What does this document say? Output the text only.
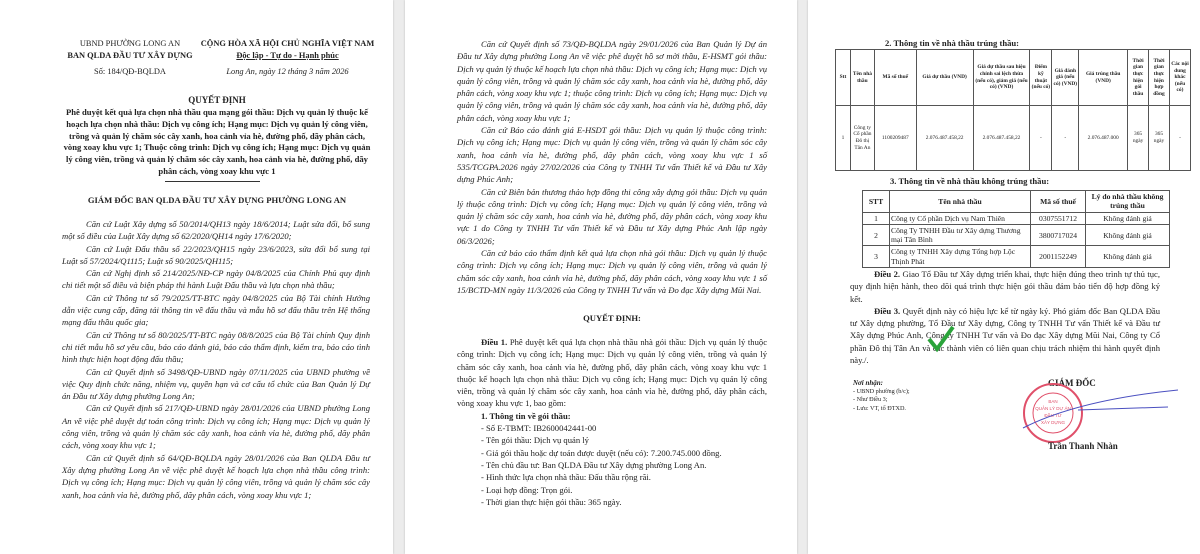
UBND PHƯỜNG LONG AN
BAN QLDA ĐẦU TƯ XÂY DỰNG
Số: 184/QĐ-BQLDA
CỘNG HÒA XÃ HỘI CHỦ NGHĨA VIỆT NAM
Độc lập - Tự do - Hạnh phúc
Long An, ngày 12 tháng 3 năm 2026
QUYẾT ĐỊNH
Phê duyệt kết quả lựa chọn nhà thầu qua mạng gói thầu: Dịch vụ quản lý thuộc kế hoạch lựa chọn nhà thầu: Dịch vụ công ích; Hạng mục: Dịch vụ quản lý công viên, trồng và quản lý chăm sóc cây xanh, hoa cảnh vỉa hè, đường phố, dãy phân cách, vòng xoay khu vực 1; Thuộc công trình: Dịch vụ công ích; Hạng mục: Dịch vụ quản lý công viên, trồng và quản lý chăm sóc cây xanh, hoa cảnh vỉa hè, đường phố, dãy phân cách, vòng xoay khu vực 1
GIÁM ĐỐC BAN QLDA ĐẦU TƯ XÂY DỰNG PHƯỜNG LONG AN

Căn cứ Luật Xây dựng số 50/2014/QH13 ngày 18/6/2014; Luật sửa đổi, bổ sung một số điều của Luật Xây dựng số 62/2020/QH14 ngày 17/6/2020;

Căn cứ Luật Đấu thầu số 22/2023/QH15 ngày 23/6/2023, sửa đổi bổ sung tại Luật số 57/2024/Q1115; Luật số 90/2025/QH115;

Căn cứ Nghị định số 214/2025/NĐ-CP ngày 04/8/2025 của Chính Phủ quy định chi tiết một số điều và biện pháp thi hành Luật Đấu thầu và lựa chọn nhà thầu;

Căn cứ Thông tư số 79/2025/TT-BTC ngày 04/8/2025 của Bộ Tài chính Hướng dẫn việc cung cấp, đăng tải thông tin về đấu thầu và mẫu hồ sơ đấu thầu trên Hệ thống mạng đấu thầu quốc gia;

Căn cứ Thông tư số 80/2025/TT-BTC ngày 08/8/2025 của Bộ Tài chính Quy định chi tiết mẫu hồ sơ yêu cầu, báo cáo đánh giá, báo cáo thẩm định, kiểm tra, báo cáo tình hình thực hiện hoạt động đấu thầu;

Căn cứ Quyết định số 3498/QĐ-UBND ngày 07/11/2025 của UBND phường về việc Quy định chức năng, nhiệm vụ, quyền hạn và cơ cấu tổ chức của Ban Quản lý Dự án Đầu tư Xây dựng phường Long An;

Căn cứ Quyết định số 217/QĐ-UBND ngày 28/01/2026 của UBND phường Long An về việc phê duyệt dự toán công trình: Dịch vụ công ích; Hạng mục: Dịch vụ quản lý công viên, trồng và quản lý chăm sóc cây xanh, hoa cảnh vỉa hè, đường phố, dãy phân cách, vòng xoay khu vực 1;

Căn cứ Quyết định số 64/QĐ-BQLDA ngày 28/01/2026 của Ban QLDA Đầu tư Xây dựng phường Long An về việc phê duyệt kế hoạch lựa chọn nhà thầu công trình: Dịch vụ công ích; Hạng mục: Dịch vụ quản lý công viên, trồng và quản lý chăm sóc cây xanh, hoa cảnh vỉa hè, đường phố, dãy phân cách, vòng xoay khu vực 1;

Căn cứ Quyết định số 73/QĐ-BQLDA ngày 29/01/2026 của Ban Quản lý Dự án Đầu tư Xây dựng phường Long An về việc phê duyệt hồ sơ mời thầu, E-HSMT gói thầu: Dịch vụ quản lý thuộc kế hoạch lựa chọn nhà thầu: Dịch vụ công ích; Hạng mục: Dịch vụ quản lý công viên, trồng và quản lý chăm sóc cây xanh, hoa cảnh vỉa hè, đường phố, dãy phân cách, vòng xoay khu vực 1; thuộc công trình: Dịch vụ công ích; Hạng mục: Dịch vụ quản lý công viên, trồng và quản lý chăm sóc cây xanh, hoa cảnh vỉa hè, đường phố, dãy phân cách, vòng xoay khu vực 1;

Căn cứ Báo cáo đánh giá E-HSDT gói thầu: Dịch vụ quản lý thuộc công trình: Dịch vụ công ích; Hạng mục: Dịch vụ quản lý công viên, trồng và quản lý chăm sóc cây xanh, hoa cảnh vỉa hè, đường phố, dãy phân cách, vòng xoay khu vực 1 số 535/TCGPA.2026 ngày 27/02/2026 của Công ty TNHH Tư vấn Thiết kế và Đầu tư Xây dựng Phúc Anh;

Căn cứ Biên bản thương thảo hợp đồng thi công xây dựng gói thầu: Dịch vụ quản lý thuộc công trình: Dịch vụ công ích; Hạng mục: Dịch vụ quản lý công viên, trồng và quản lý chăm sóc cây xanh, hoa cảnh vỉa hè, đường phố, dãy phân cách, vòng xoay khu vực 1 do Công ty TNHH Tư vấn Thiết kế và Đầu tư Xây dựng Phúc Anh lập ngày 06/3/2026;

Căn cứ báo cáo thẩm định kết quả lựa chọn nhà gói thầu: Dịch vụ quản lý thuộc công trình: Dịch vụ công ích; Hạng mục: Dịch vụ quản lý công viên, trồng và quản lý chăm sóc cây xanh, hoa cảnh vỉa hè, đường phố, dãy phân cách, vòng xoay khu vực 1 số 15/BCTD-MN ngày 11/3/2026 của Công ty TNHH Tư vấn và Đo đạc Xây dựng Mũi Nai.

QUYẾT ĐỊNH:

Điều 1. Phê duyệt kết quả lựa chọn nhà thầu nhà gói thầu: Dịch vụ quản lý thuộc công trình: Dịch vụ công ích; Hạng mục: Dịch vụ quản lý công viên, trồng và quản lý chăm sóc cây xanh, hoa cảnh vỉa hè, đường phố, dãy phân cách, vòng xoay khu vực 1 thuộc kế hoạch lựa chọn nhà thầu: Dịch vụ công ích; Hạng mục: Dịch vụ quản lý công viên, trồng và quản lý chăm sóc cây xanh, hoa cảnh vỉa hè, đường phố, dãy phân cách, vòng xoay khu vực 1, bao gồm:

1. Thông tin về gói thầu:

- Số E-TBMT: IB2600042441-00

- Tên gói thầu: Dịch vụ quản lý

- Giá gói thầu hoặc dự toán được duyệt (nếu có): 7.200.745.000 đồng.

- Tên chủ đầu tư: Ban QLDA Đầu tư Xây dựng phường Long An.

- Hình thức lựa chọn nhà thầu: Đấu thầu rộng rãi.

- Loại hợp đồng: Trọn gói.

- Thời gian thực hiện gói thầu: 365 ngày.

2. Thông tin về nhà thầu trúng thầu:
Stt	Tên nhà thầu	Mã số thuế	Giá dự thầu (VND)	Giá dự thầu sau hiệu chỉnh sai lệch thừa (nếu có), giảm giá (nếu có) (VND)	Điểm kỹ thuật (nếu có)	Giá đánh giá (nếu có) (VND)	Giá trúng thầu (VND)	Thời gian thực hiện gói thầu	Thời gian thực hiện hợp đồng	Các nội dung khác (nếu có)
1	Công ty Cổ phần Đô thị Tân An	1100209487	2.076.487.458,22	2.076.487.458,22	-	-	2.076.487.000	365 ngày	365 ngày	-
3. Thông tin về nhà thầu không trúng thầu:
STT	Tên nhà thầu	Mã số thuế	Lý do nhà thầu không trúng thầu
1	Công ty Cổ phần Dịch vụ Nam Thiên	0307551712	Không đánh giá
2	Công Ty TNHH Đầu tư Xây dựng Thương mại Tân Bình	3800717024	Không đánh giá
3	Công ty TNHH Xây dựng Tổng hợp Lộc Thịnh Phát	2001152249	Không đánh giá

Điều 2. Giao Tổ Đầu tư Xây dựng triển khai, thực hiện đúng theo trình tự thủ tục, quy định hiện hành, theo dõi quá trình thực hiện gói thầu đảm bảo tiến độ hợp đồng ký kết.

Điều 3. Quyết định này có hiệu lực kể từ ngày ký. Phó giám đốc Ban QLDA Đầu tư Xây dựng phường, Tổ Đầu tư Xây dựng, Công ty TNHH Tư vấn Thiết kế và Đầu tư Xây dựng Phúc Anh, Công ty TNHH Tư vấn và Đo đạc Xây dựng Mũi Nai, Công ty Cổ phần Đô thị Tân An và các thành viên có liên quan chịu trách nhiệm thi hành quyết định này./.

Nơi nhận:
- UBND phường (b/c);
- Như Điều 3;
- Lưu: VT, tổ ĐTXD.
GIÁM ĐỐC
BAN
QUẢN LÝ DỰ ÁN
ĐẦU TƯ
XÂY DỰNG
Trần Thanh Nhàn
